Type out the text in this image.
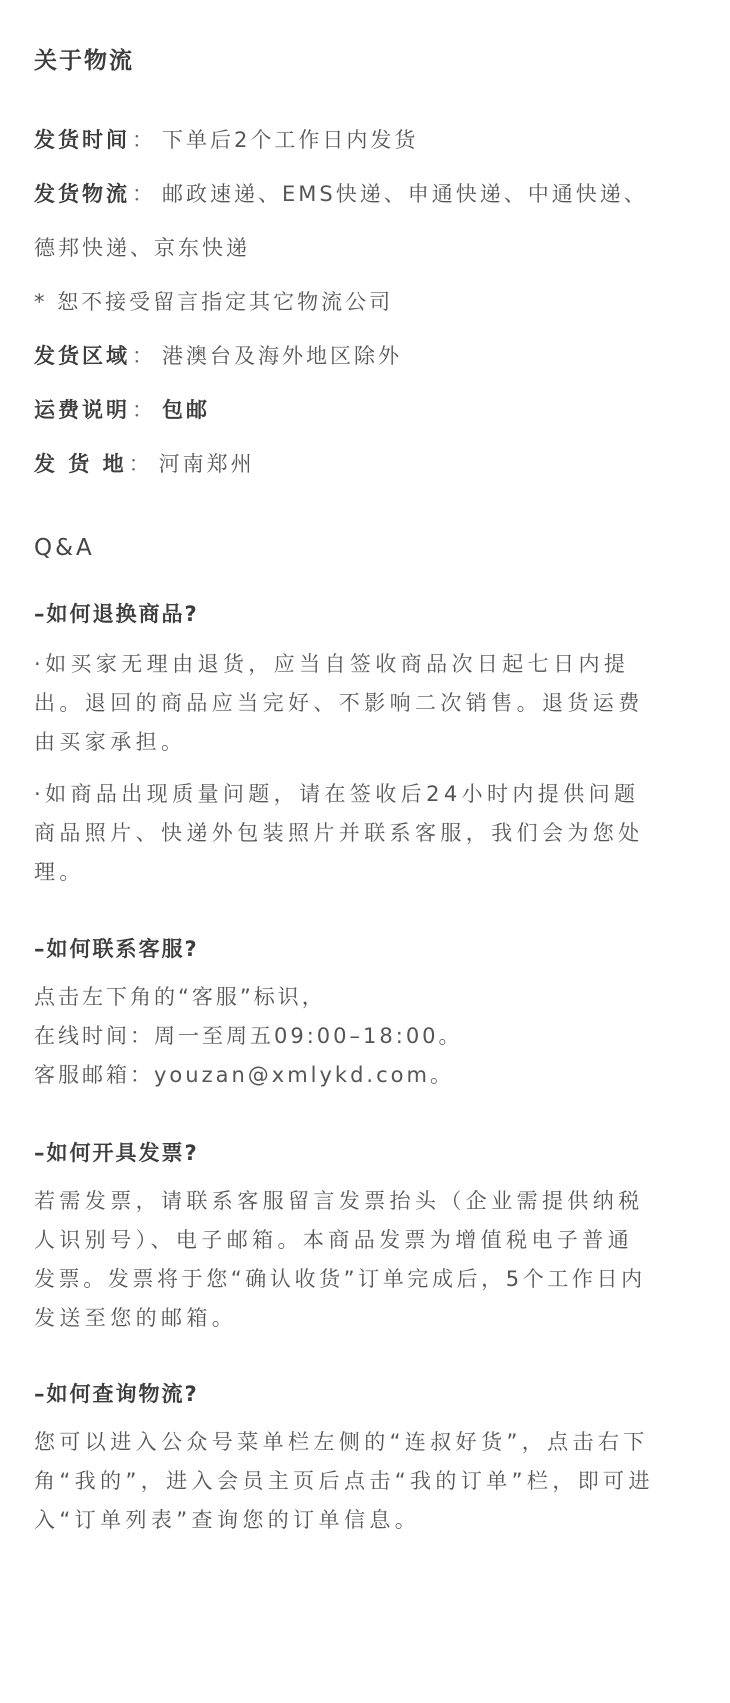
关于物流

发货时间： 下单后2个工作日内发货

发货物流： 邮政速递、EMS快递、申通快递、中通快递、

德邦快递、京东快递

* 恕不接受留言指定其它物流公司

发货区域： 港澳台及海外地区除外

运费说明： 包邮

发 货 地： 河南郑州

Q&A
–如何退换商品?
·如买家无理由退货，应当自签收商品次日起七日内提
出。退回的商品应当完好、不影响二次销售。退货运费
由买家承担。
·如商品出现质量问题，请在签收后24小时内提供问题
商品照片、快递外包装照片并联系客服，我们会为您处
理。
–如何联系客服?
点击左下角的“客服”标识，
在线时间：周一至周五09:00–18:00。
客服邮箱：youzan@xmlykd.com。
–如何开具发票?
若需发票，请联系客服留言发票抬头（企业需提供纳税
人识别号）、电子邮箱。本商品发票为增值税电子普通
发票。发票将于您“确认收货”订单完成后，5个工作日内
发送至您的邮箱。
–如何查询物流?
您可以进入公众号菜单栏左侧的“连叔好货”，点击右下
角“我的”，进入会员主页后点击“我的订单”栏，即可进
入“订单列表”查询您的订单信息。
